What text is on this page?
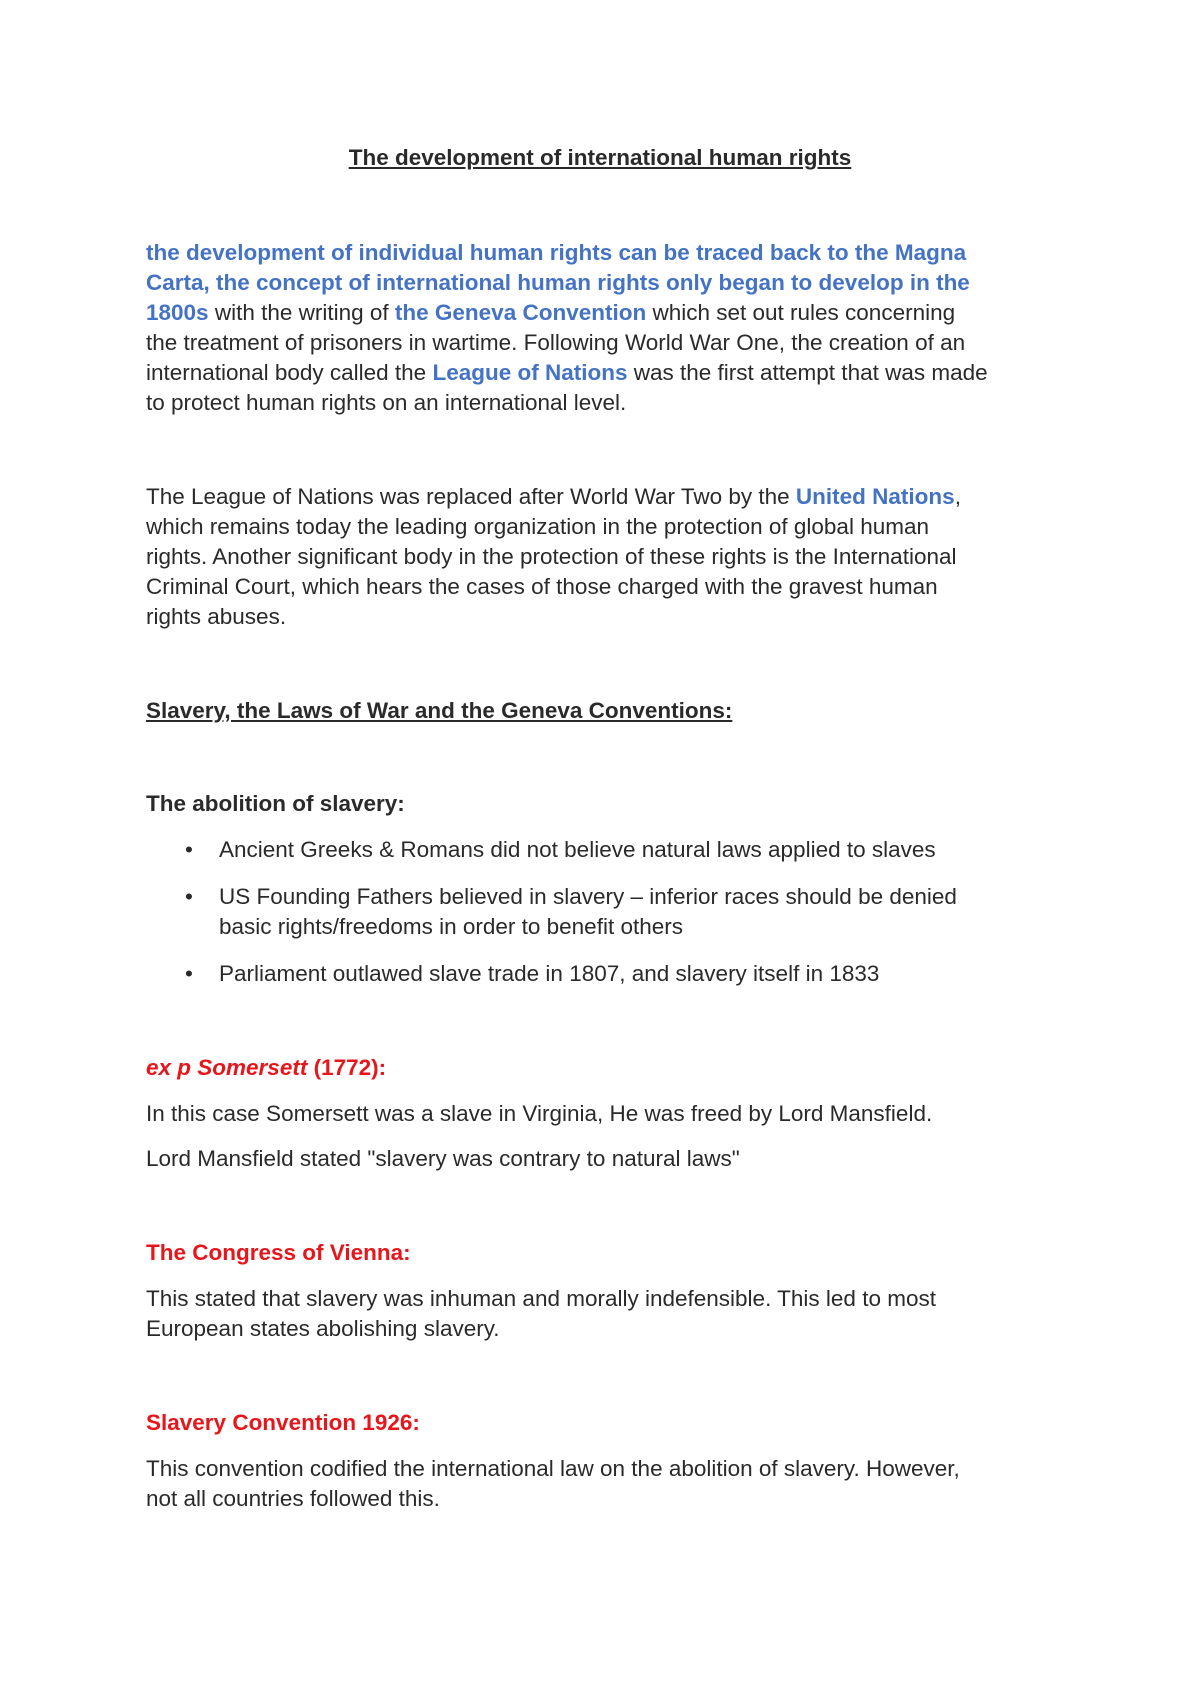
The development of international human rights
the development of individual human rights can be traced back to the Magna
Carta, the concept of international human rights only began to develop in the
1800s with the writing of the Geneva Convention which set out rules concerning
the treatment of prisoners in wartime. Following World War One, the creation of an
international body called the League of Nations was the first attempt that was made
to protect human rights on an international level.
The League of Nations was replaced after World War Two by the United Nations,
which remains today the leading organization in the protection of global human
rights. Another significant body in the protection of these rights is the International
Criminal Court, which hears the cases of those charged with the gravest human
rights abuses.
Slavery, the Laws of War and the Geneva Conventions:
The abolition of slavery:
• Ancient Greeks & Romans did not believe natural laws applied to slaves
• US Founding Fathers believed in slavery – inferior races should be denied
basic rights/freedoms in order to benefit others
• Parliament outlawed slave trade in 1807, and slavery itself in 1833
ex p Somersett (1772):
In this case Somersett was a slave in Virginia, He was freed by Lord Mansfield.
Lord Mansfield stated "slavery was contrary to natural laws"
The Congress of Vienna:
This stated that slavery was inhuman and morally indefensible. This led to most
European states abolishing slavery.
Slavery Convention 1926:
This convention codified the international law on the abolition of slavery. However,
not all countries followed this.
